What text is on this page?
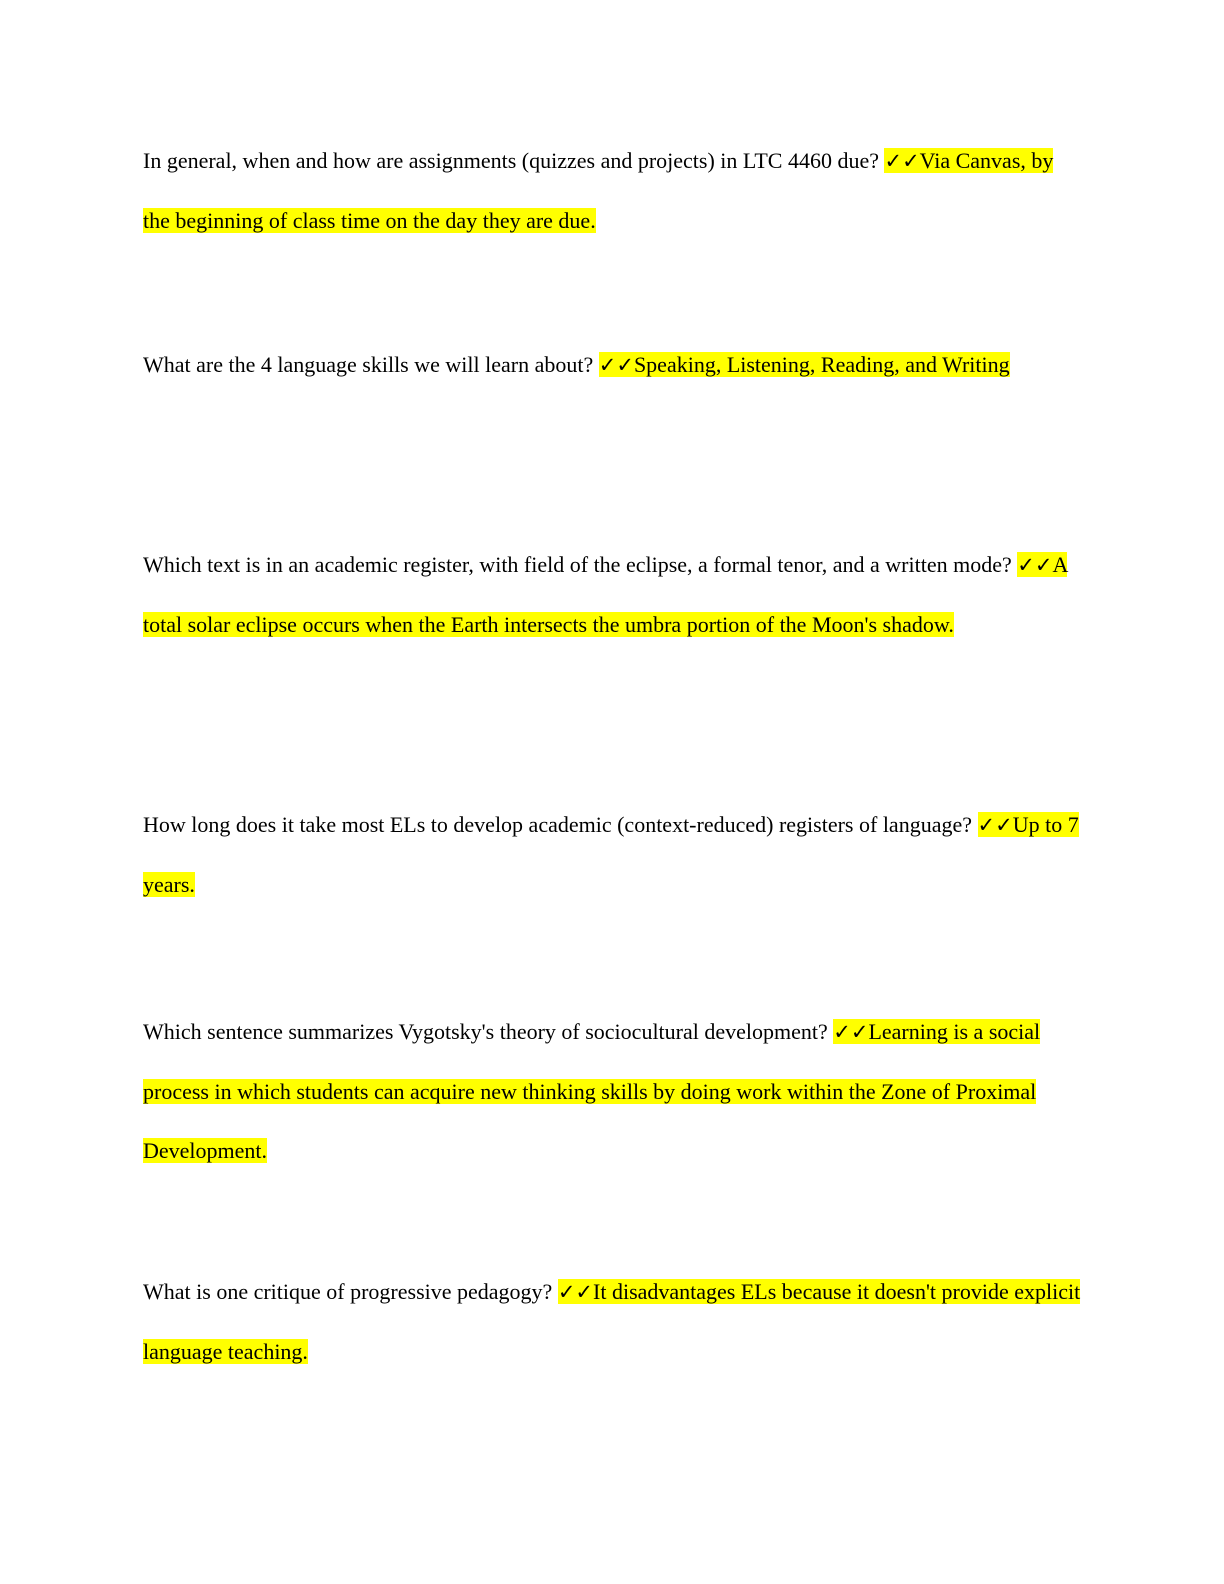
In general, when and how are assignments (quizzes and projects) in LTC 4460 due? ✓✓Via Canvas, by the beginning of class time on the day they are due.

What are the 4 language skills we will learn about? ✓✓Speaking, Listening, Reading, and Writing

Which text is in an academic register, with field of the eclipse, a formal tenor, and a written mode? ✓✓A total solar eclipse occurs when the Earth intersects the umbra portion of the Moon's shadow.

How long does it take most ELs to develop academic (context-reduced) registers of language? ✓✓Up to 7 years.

Which sentence summarizes Vygotsky's theory of sociocultural development? ✓✓Learning is a social process in which students can acquire new thinking skills by doing work within the Zone of Proximal Development.

What is one critique of progressive pedagogy? ✓✓It disadvantages ELs because it doesn't provide explicit language teaching.
